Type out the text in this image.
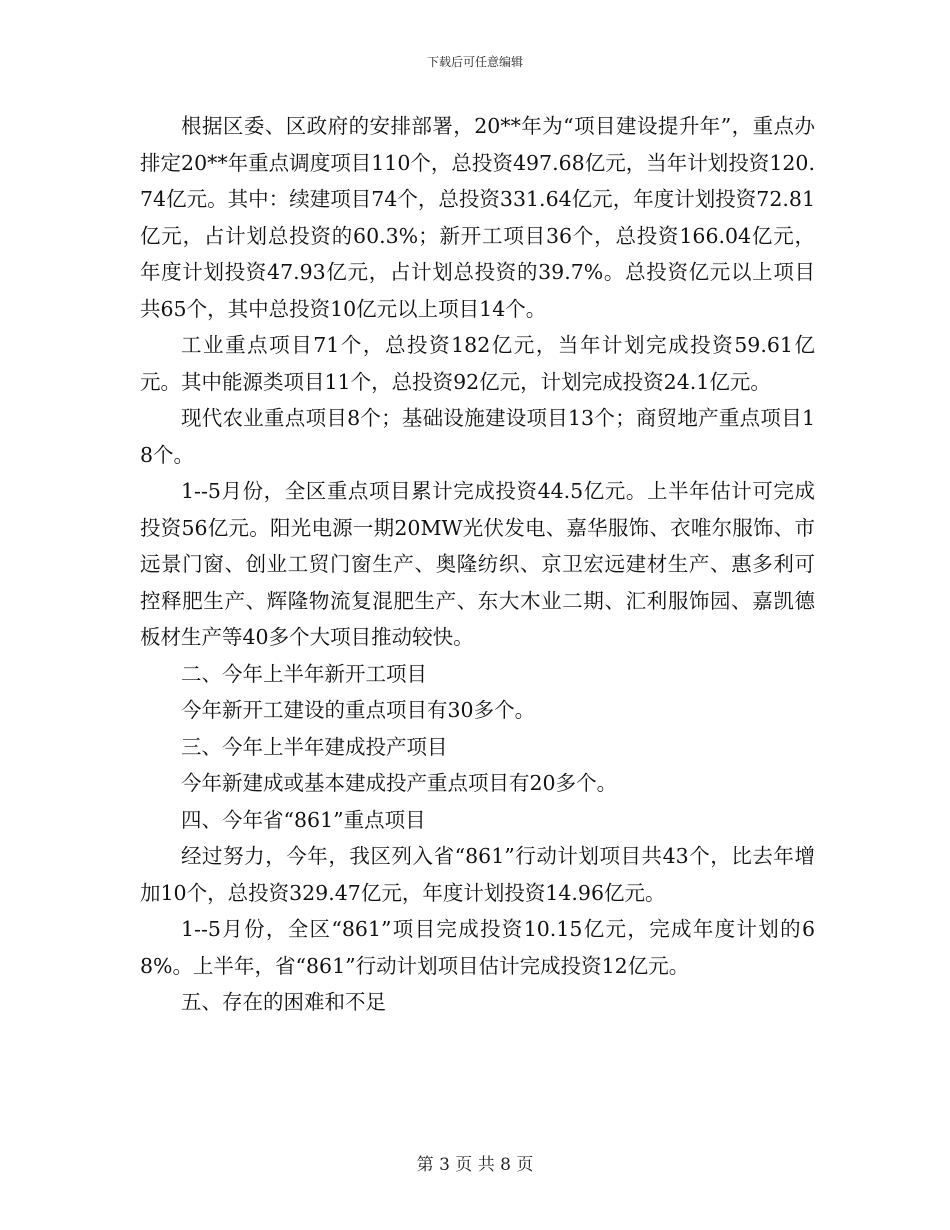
下载后可任意编辑

根据区委、区政府的安排部署，20**年为“项目建设提升年”，重点办排定20**年重点调度项目110个，总投资497.68亿元，当年计划投资120.74亿元。其中：续建项目74个，总投资331.64亿元，年度计划投资72.81亿元，占计划总投资的60.3%；新开工项目36个，总投资166.04亿元，年度计划投资47.93亿元，占计划总投资的39.7%。总投资亿元以上项目共65个，其中总投资10亿元以上项目14个。

工业重点项目71个，总投资182亿元，当年计划完成投资59.61亿元。其中能源类项目11个，总投资92亿元，计划完成投资24.1亿元。

现代农业重点项目8个；基础设施建设项目13个；商贸地产重点项目18个。

1--5月份，全区重点项目累计完成投资44.5亿元。上半年估计可完成投资56亿元。阳光电源一期20MW光伏发电、嘉华服饰、衣唯尔服饰、市远景门窗、创业工贸门窗生产、奥隆纺织、京卫宏远建材生产、惠多利可控释肥生产、辉隆物流复混肥生产、东大木业二期、汇利服饰园、嘉凯德板材生产等40多个大项目推动较快。

二、今年上半年新开工项目

今年新开工建设的重点项目有30多个。

三、今年上半年建成投产项目

今年新建成或基本建成投产重点项目有20多个。

四、今年省“861”重点项目

经过努力，今年，我区列入省“861”行动计划项目共43个，比去年增加10个，总投资329.47亿元，年度计划投资14.96亿元。

1--5月份，全区“861”项目完成投资10.15亿元，完成年度计划的68%。上半年，省“861”行动计划项目估计完成投资12亿元。

五、存在的困难和不足

第 3 页 共 8 页
